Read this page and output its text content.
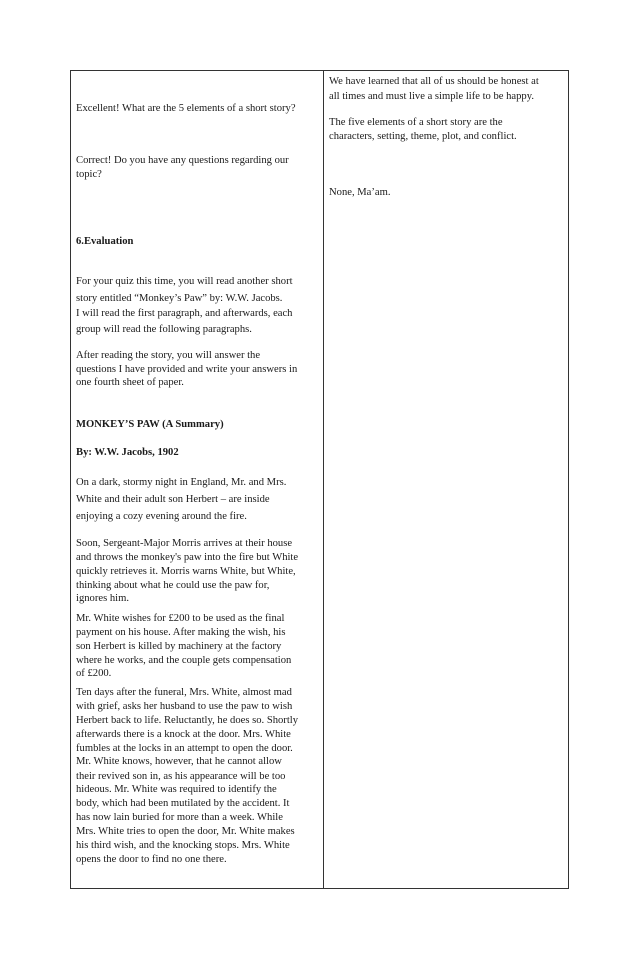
Excellent! What are the 5 elements of a short story?

Correct! Do you have any questions regarding our

topic?

6.Evaluation

For your quiz this time, you will read another short

story entitled “Monkey’s Paw” by: W.W. Jacobs.

I will read the first paragraph, and afterwards, each

group will read the following paragraphs.

After reading the story, you will answer the

questions I have provided and write your answers in

one fourth sheet of paper.

MONKEY’S PAW (A Summary)

By: W.W. Jacobs, 1902

On a dark, stormy night in England, Mr. and Mrs.

White and their adult son Herbert – are inside

enjoying a cozy evening around the fire.

Soon, Sergeant-Major Morris arrives at their house

and throws the monkey's paw into the fire but White

quickly retrieves it. Morris warns White, but White,

thinking about what he could use the paw for,

ignores him.

Mr. White wishes for £200 to be used as the final

payment on his house. After making the wish, his

son Herbert is killed by machinery at the factory

where he works, and the couple gets compensation

of £200.

Ten days after the funeral, Mrs. White, almost mad

with grief, asks her husband to use the paw to wish

Herbert back to life. Reluctantly, he does so. Shortly

afterwards there is a knock at the door. Mrs. White

fumbles at the locks in an attempt to open the door.

Mr. White knows, however, that he cannot allow

their revived son in, as his appearance will be too

hideous. Mr. White was required to identify the

body, which had been mutilated by the accident. It

has now lain buried for more than a week. While

Mrs. White tries to open the door, Mr. White makes

his third wish, and the knocking stops. Mrs. White

opens the door to find no one there.

We have learned that all of us should be honest at

all times and must live a simple life to be happy.

The five elements of a short story are the

characters, setting, theme, plot, and conflict.

None, Ma’am.
